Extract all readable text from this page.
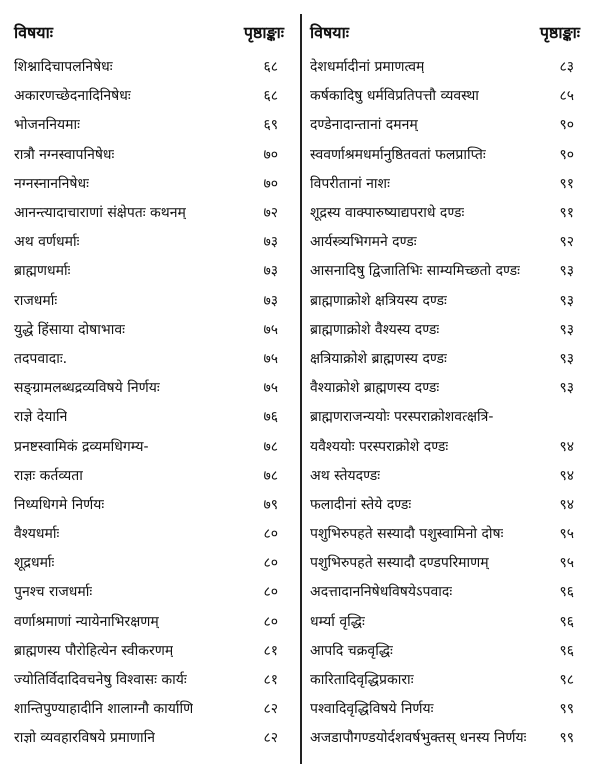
विषयाः	पृष्ठाङ्काः
शिश्नादिचापलनिषेधः	६८
अकारणच्छेदनादिनिषेधः	६८
भोजननियमाः	६९
रात्रौ नग्नस्वापनिषेधः	७०
नग्नस्नाननिषेधः	७०
आनन्त्यादाचाराणां संक्षेपतः कथनम्	७२
अथ वर्णधर्माः	७३
ब्राह्मणधर्माः	७३
राजधर्माः	७३
युद्धे हिंसाया दोषाभावः	७५
तदपवादाः.	७५
सङ्ग्रामलब्धद्रव्यविषये निर्णयः	७५
राज्ञे देयानि	७६
प्रनष्टस्वामिकं द्रव्यमधिगम्य-	७८
राज्ञः कर्तव्यता	७८
निध्यधिगमे निर्णयः	७९
वैश्यधर्माः	८०
शूद्रधर्माः	८०
पुनश्च राजधर्माः	८०
वर्णाश्रमाणां न्यायेनाभिरक्षणम्	८०
ब्राह्मणस्य पौरोहित्येन स्वीकरणम्	८१
ज्योतिर्विदादिवचनेषु विश्वासः कार्यः	८१
शान्तिपुण्याहादीनि शालाग्नौ कार्याणि	८२
राज्ञो व्यवहारविषये प्रमाणानि	८२
विषयाः	पृष्ठाङ्काः
देशधर्मादीनां प्रमाणत्वम्	८३
कर्षकादिषु धर्मविप्रतिपत्तौ व्यवस्था	८५
दण्डेनादान्तानां दमनम्	९०
स्ववर्णाश्रमधर्मानुष्ठितवतां फलप्राप्तिः	९०
विपरीतानां नाशः	९१
शूद्रस्य वाक्पारुष्याद्यपराधे दण्डः	९१
आर्यस्त्र्यभिगमने दण्डः	९२
आसनादिषु द्विजातिभिः साम्यमिच्छतो दण्डः	९३
ब्राह्मणाक्रोशे क्षत्रियस्य दण्डः	९३
ब्राह्मणाक्रोशे वैश्यस्य दण्डः	९३
क्षत्रियाक्रोशे ब्राह्मणस्य दण्डः	९३
वैश्याक्रोशे ब्राह्मणस्य दण्डः	९३
ब्राह्मणराजन्ययोः परस्पराक्रोशवत्क्षत्रि-
यवैश्ययोः परस्पराक्रोशे दण्डः	९४
अथ स्तेयदण्डः	९४
फलादीनां स्तेये दण्डः	९४
पशुभिरुपहते सस्यादौ पशुस्वामिनो दोषः	९५
पशुभिरुपहते सस्यादौ दण्डपरिमाणम्	९५
अदत्तादाननिषेधविषयेऽपवादः	९६
धर्म्या वृद्धिः	९६
आपदि चक्रवृद्धिः	९६
कारितादिवृद्धिप्रकाराः	९८
पश्वादिवृद्धिविषये निर्णयः	९९
अजडापौगण्डयोर्दशवर्षभुक्तस् धनस्य निर्णयः	९९
